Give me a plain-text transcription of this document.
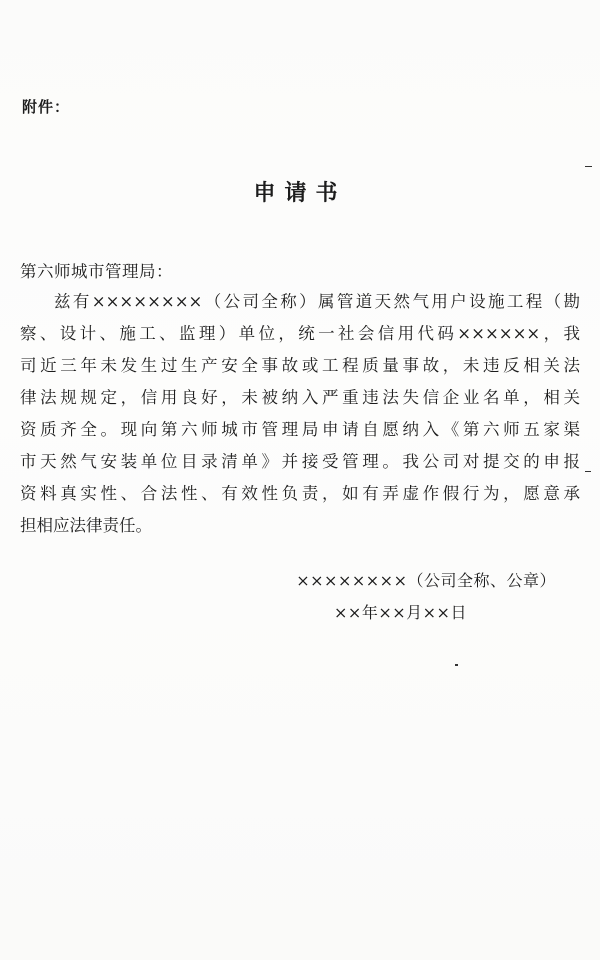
附件：
申请书
第六师城市管理局：
兹有××××××××（公司全称）属管道天然气用户设施工程（勘
察、设计、施工、监理）单位，统一社会信用代码××××××，我
司近三年未发生过生产安全事故或工程质量事故，未违反相关法
律法规规定，信用良好，未被纳入严重违法失信企业名单，相关
资质齐全。现向第六师城市管理局申请自愿纳入《第六师五家渠
市天然气安装单位目录清单》并接受管理。我公司对提交的申报
资料真实性、合法性、有效性负责，如有弄虚作假行为，愿意承
担相应法律责任。
××××××××（公司全称、公章）
××年××月××日
